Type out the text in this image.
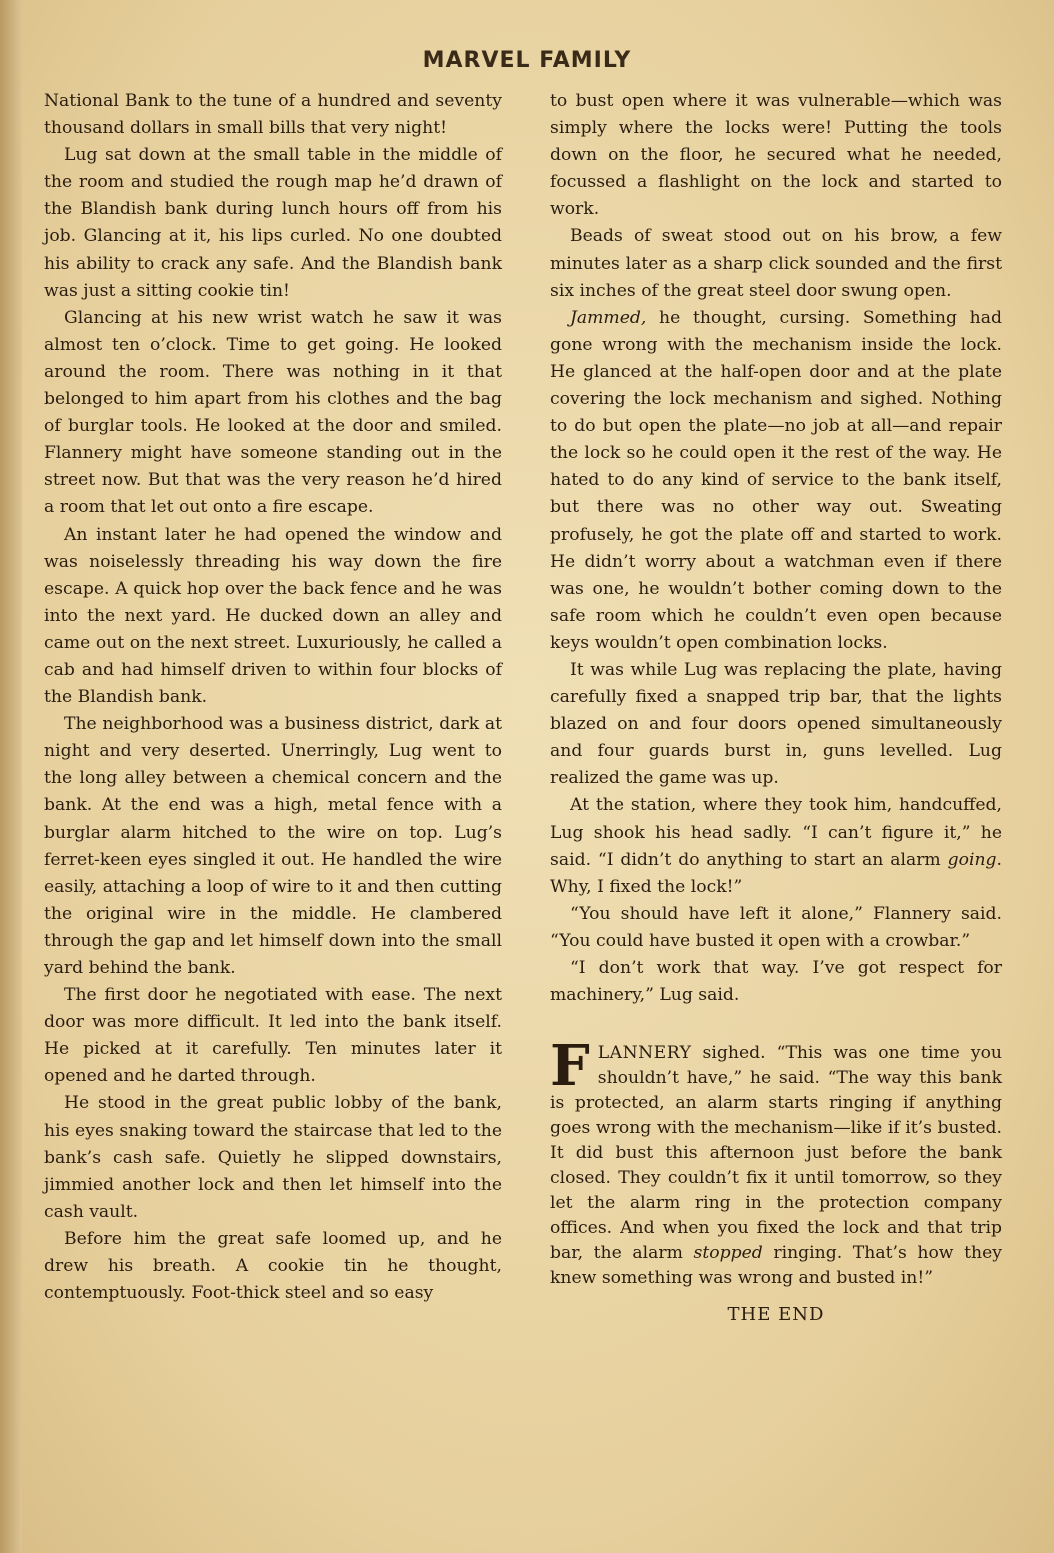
MARVEL FAMILY

National Bank to the tune of a hundred and seventy thousand dollars in small bills that very night!

Lug sat down at the small table in the middle of the room and studied the rough map he’d drawn of the Blandish bank during lunch hours off from his job. Glancing at it, his lips curled. No one doubted his ability to crack any safe. And the Blandish bank was just a sitting cookie tin!

Glancing at his new wrist watch he saw it was almost ten o’clock. Time to get going. He looked around the room. There was nothing in it that belonged to him apart from his clothes and the bag of burglar tools. He looked at the door and smiled. Flannery might have someone standing out in the street now. But that was the very reason he’d hired a room that let out onto a fire escape.

An instant later he had opened the window and was noiselessly threading his way down the fire escape. A quick hop over the back fence and he was into the next yard. He ducked down an alley and came out on the next street. Luxuriously, he called a cab and had himself driven to within four blocks of the Blandish bank.

The neighborhood was a business district, dark at night and very deserted. Unerringly, Lug went to the long alley between a chemical concern and the bank. At the end was a high, metal fence with a burglar alarm hitched to the wire on top. Lug’s ferret-keen eyes singled it out. He handled the wire easily, attaching a loop of wire to it and then cutting the original wire in the middle. He clambered through the gap and let himself down into the small yard behind the bank.

The first door he negotiated with ease. The next door was more difficult. It led into the bank itself. He picked at it carefully. Ten minutes later it opened and he darted through.

He stood in the great public lobby of the bank, his eyes snaking toward the staircase that led to the bank’s cash safe. Quietly he slipped downstairs, jimmied another lock and then let himself into the cash vault.

Before him the great safe loomed up, and he drew his breath. A cookie tin he thought, contemptuously. Foot-thick steel and so easy

to bust open where it was vulnerable—which was simply where the locks were! Putting the tools down on the floor, he secured what he needed, focussed a flashlight on the lock and started to work.

Beads of sweat stood out on his brow, a few minutes later as a sharp click sounded and the first six inches of the great steel door swung open.

Jammed, he thought, cursing. Something had gone wrong with the mechanism inside the lock. He glanced at the half-open door and at the plate covering the lock mechanism and sighed. Nothing to do but open the plate—no job at all—and repair the lock so he could open it the rest of the way. He hated to do any kind of service to the bank itself, but there was no other way out. Sweating profusely, he got the plate off and started to work. He didn’t worry about a watchman even if there was one, he wouldn’t bother coming down to the safe room which he couldn’t even open because keys wouldn’t open combination locks.

It was while Lug was replacing the plate, having carefully fixed a snapped trip bar, that the lights blazed on and four doors opened simultaneously and four guards burst in, guns levelled. Lug realized the game was up.

At the station, where they took him, handcuffed, Lug shook his head sadly. “I can’t figure it,” he said. “I didn’t do anything to start an alarm going. Why, I fixed the lock!”

“You should have left it alone,” Flannery said. “You could have busted it open with a crowbar.”

“I don’t work that way. I’ve got respect for machinery,” Lug said.

FLANNERY sighed. “This was one time you shouldn’t have,” he said. “The way this bank is protected, an alarm starts ringing if anything goes wrong with the mechanism—like if it’s busted. It did bust this afternoon just before the bank closed. They couldn’t fix it until tomorrow, so they let the alarm ring in the protection company offices. And when you fixed the lock and that trip bar, the alarm stopped ringing. That’s how they knew something was wrong and busted in!”

THE END
